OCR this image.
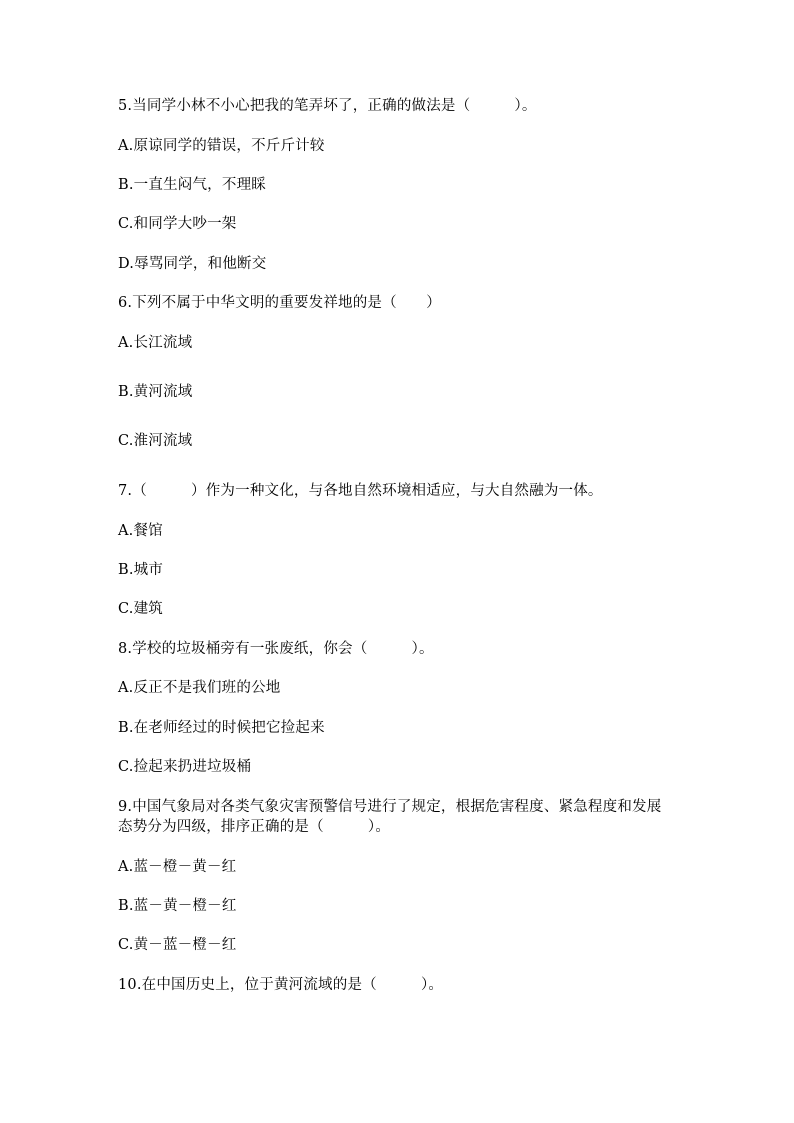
5.当同学小林不小心把我的笔弄坏了，正确的做法是（　　　）。
A.原谅同学的错误，不斤斤计较
B.一直生闷气，不理睬
C.和同学大吵一架
D.辱骂同学，和他断交
6.下列不属于中华文明的重要发祥地的是（　　）
A.长江流域
B.黄河流域
C.淮河流域
7.（　　　）作为一种文化，与各地自然环境相适应，与大自然融为一体。
A.餐馆
B.城市
C.建筑
8.学校的垃圾桶旁有一张废纸，你会（　　　）。
A.反正不是我们班的公地
B.在老师经过的时候把它捡起来
C.捡起来扔进垃圾桶
9.中国气象局对各类气象灾害预警信号进行了规定，根据危害程度、紧急程度和发展态势分为四级，排序正确的是（　　　）。
A.蓝－橙－黄－红
B.蓝－黄－橙－红
C.黄－蓝－橙－红
10.在中国历史上，位于黄河流域的是（　　　）。
